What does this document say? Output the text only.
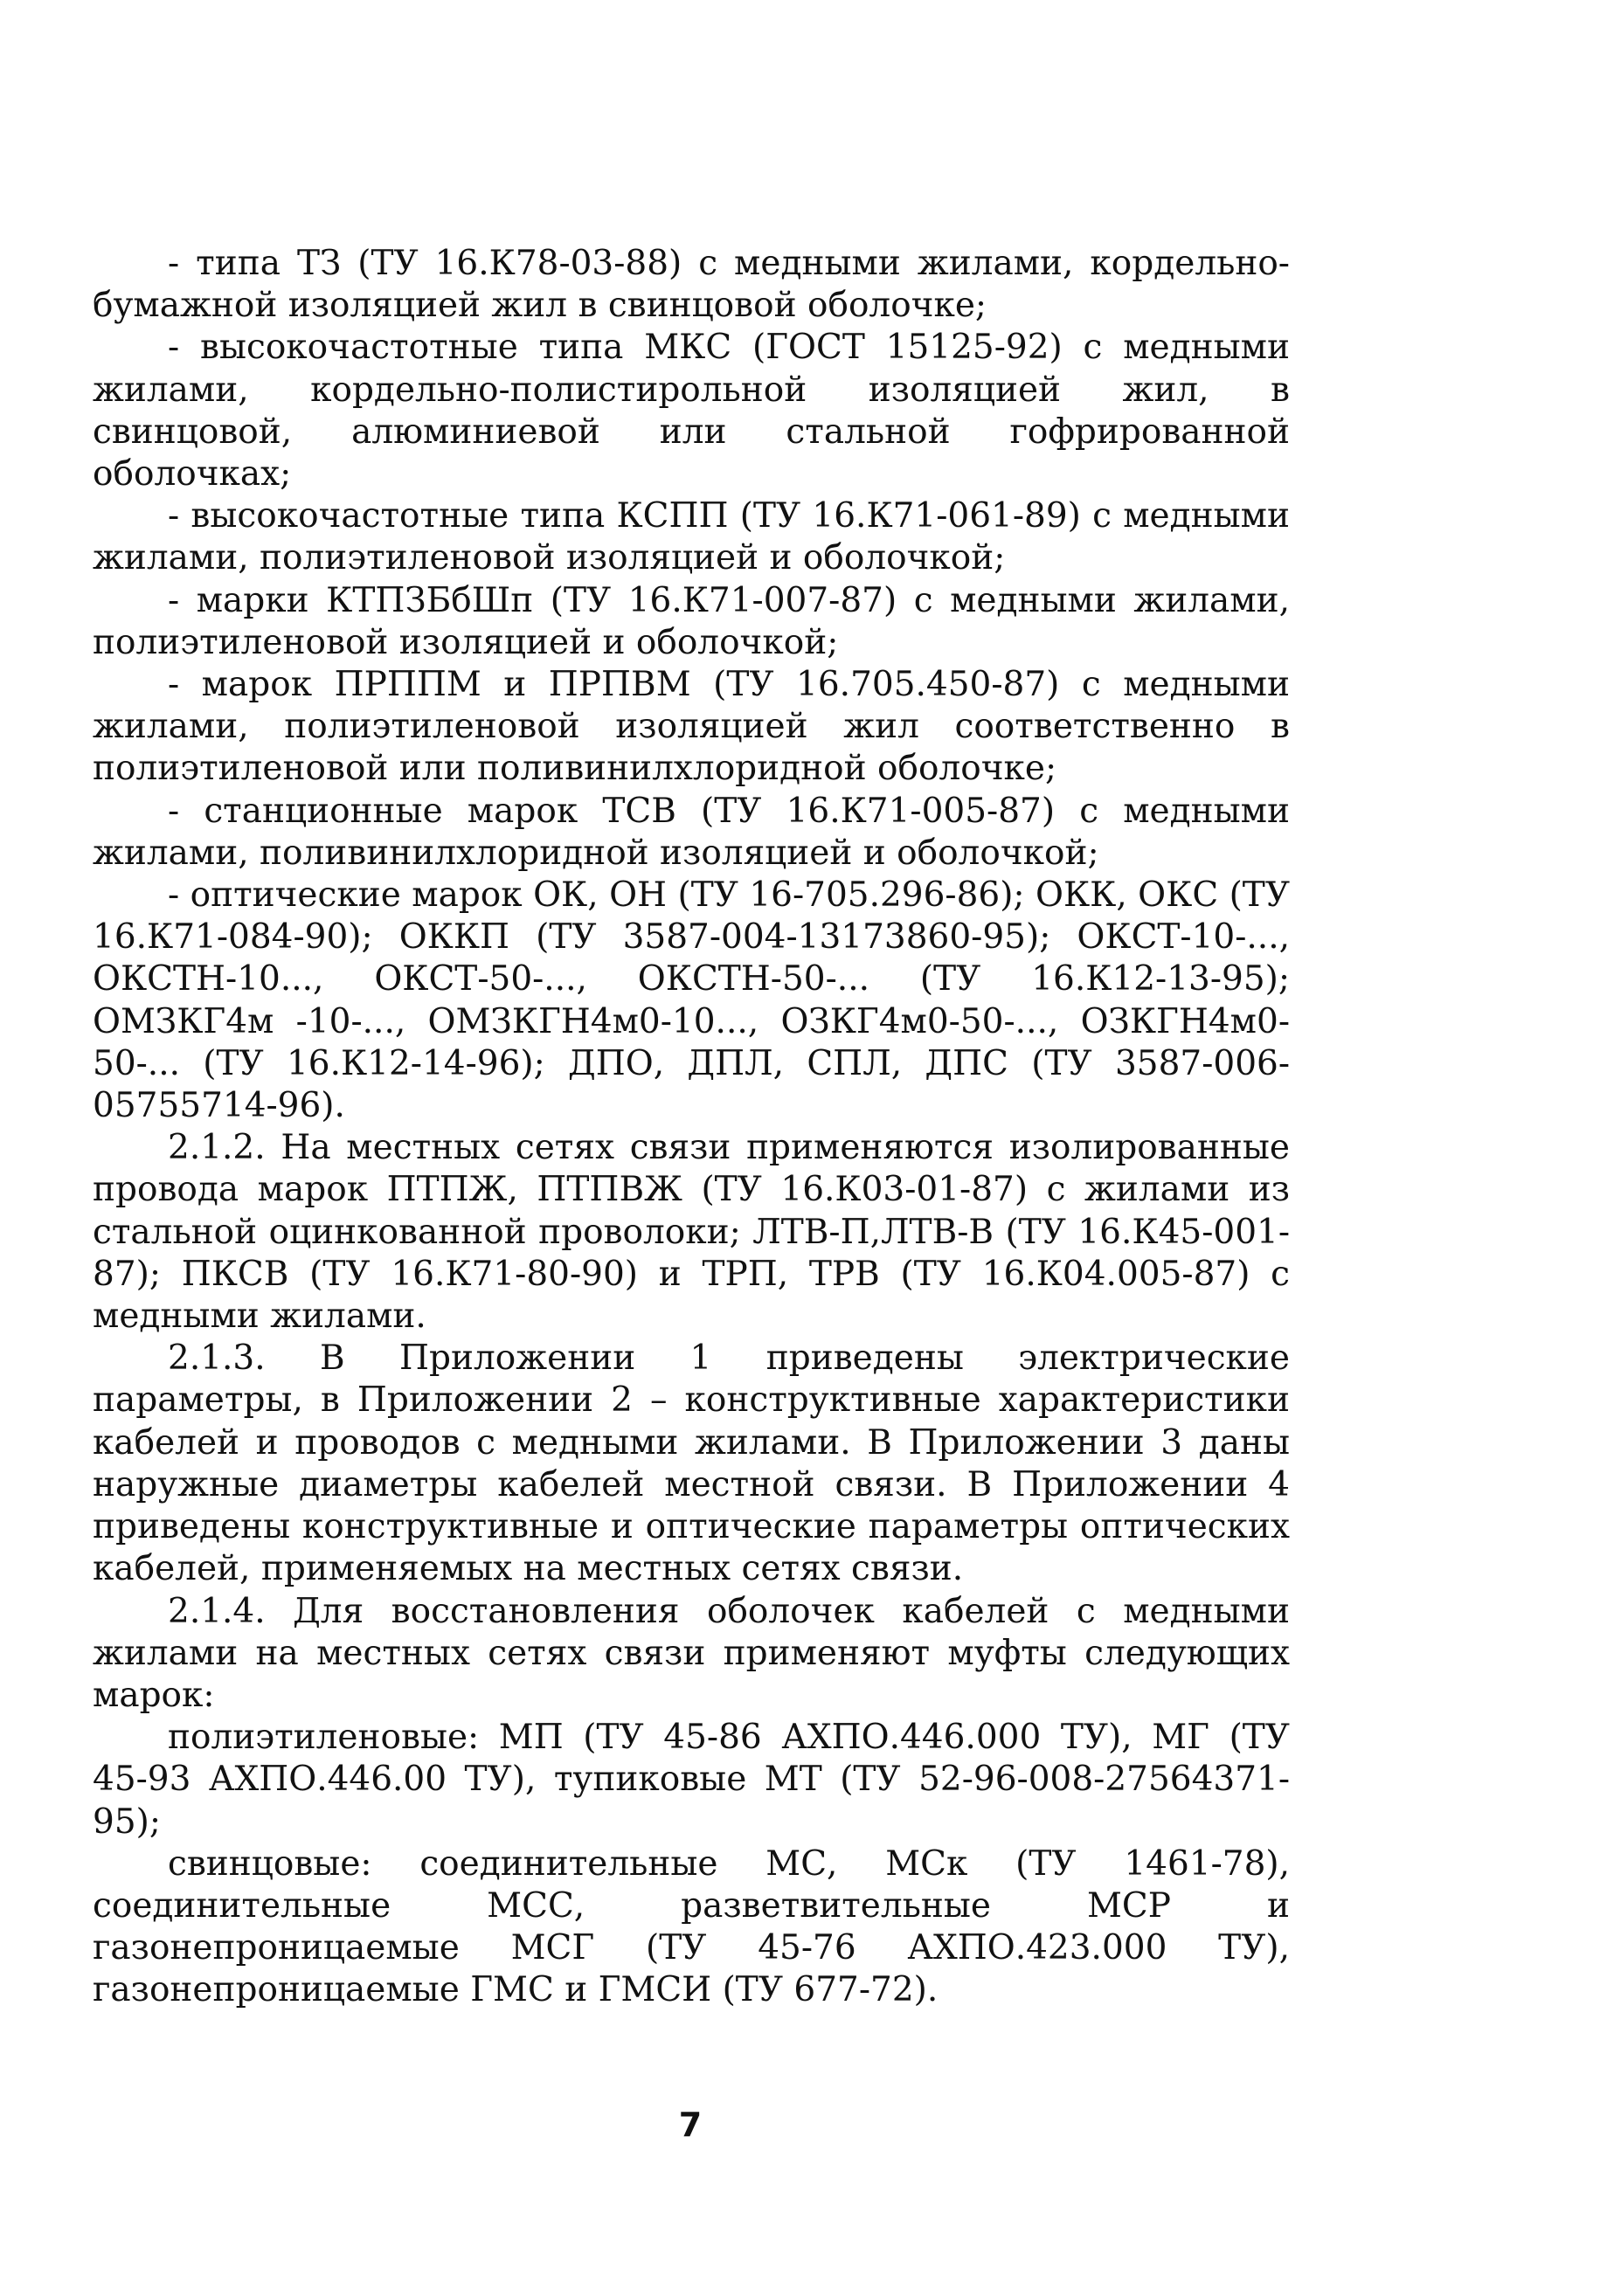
- типа ТЗ (ТУ 16.К78-03-88) с медными жилами, кордельно-бумажной изоляцией жил в свинцовой оболочке;

- высокочастотные типа МКС (ГОСТ 15125-92) с медными жилами, кордельно-полистирольной изоляцией жил, в свинцовой, алюминиевой или стальной гофрированной оболочках;

- высокочастотные типа КСПП (ТУ 16.К71-061-89) с медными жилами, полиэтиленовой изоляцией и оболочкой;

- марки КТПЗБбШп (ТУ 16.К71-007-87) с медными жилами, полиэтиленовой изоляцией и оболочкой;

- марок ПРППМ и ПРПВМ (ТУ 16.705.450-87) с медными жилами, полиэтиленовой изоляцией жил соответственно в полиэтиленовой или поливинилхлоридной оболочке;

- станционные марок ТСВ (ТУ 16.К71-005-87) с медными жилами, поливинилхлоридной изоляцией и оболочкой;

- оптические марок ОК, ОН (ТУ 16-705.296-86); ОКК, ОКС (ТУ 16.К71-084-90); ОККП (ТУ 3587-004-13173860-95); ОКСТ-10-..., ОКСТН-10..., ОКСТ-50-..., ОКСТН-50-... (ТУ 16.К12-13-95); ОМЗКГ4м -10-..., ОМЗКГН4м0-10..., ОЗКГ4м0-50-..., ОЗКГН4м0-50-... (ТУ 16.К12-14-96); ДПО, ДПЛ, СПЛ, ДПС (ТУ 3587-006-05755714-96).

2.1.2. На местных сетях связи применяются изолированные провода марок ПТПЖ, ПТПВЖ (ТУ 16.К03-01-87) с жилами из стальной оцинкованной проволоки; ЛТВ-П,ЛТВ-В (ТУ 16.К45-001-87); ПКСВ (ТУ 16.К71-80-90) и ТРП, ТРВ (ТУ 16.К04.005-87) с медными жилами.

2.1.3. В Приложении 1 приведены электрические параметры, в Приложении 2 – конструктивные характеристики кабелей и проводов с медными жилами. В Приложении 3 даны наружные диаметры кабелей местной связи. В Приложении 4 приведены конструктивные и оптические параметры оптических кабелей, применяемых на местных сетях связи.

2.1.4. Для восстановления оболочек кабелей с медными жилами на местных сетях связи применяют муфты следующих марок:

полиэтиленовые: МП (ТУ 45-86 АХПО.446.000 ТУ), МГ (ТУ 45-93 АХПО.446.00 ТУ), тупиковые МТ (ТУ 52-96-008-27564371-95);

свинцовые: соединительные МС, МСк (ТУ 1461-78), соединительные МСС, разветвительные МСР и газонепроницаемые МСГ (ТУ 45-76 АХПО.423.000 ТУ), газонепроницаемые ГМС и ГМСИ (ТУ 677-72).

7
